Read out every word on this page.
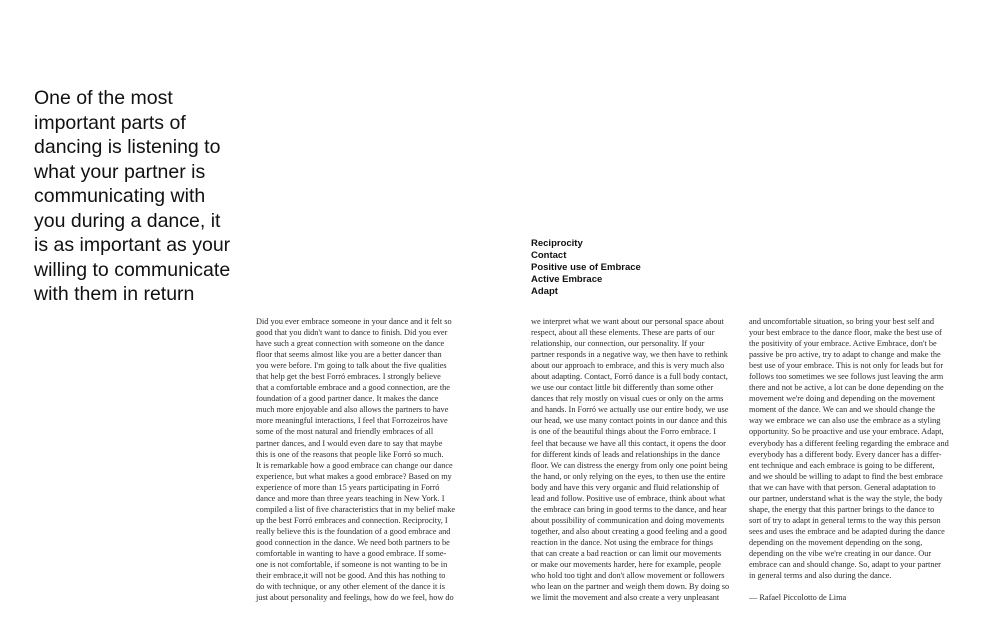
One of the most
important parts of
dancing is listening to
what your partner is
communicating with
you during a dance, it
is as important as your
willing to communicate
with them in return
Reciprocity
Contact
Positive use of Embrace
Active Embrace
Adapt
Did you ever embrace someone in your dance and it felt so
good that you didn't want to dance to finish. Did you ever
have such a great connection with someone on the dance
floor that seems almost like you are a better dancer than
you were before. I'm going to talk about the five qualities
that help get the best Forró embraces. I strongly believe
that a comfortable embrace and a good connection, are the
foundation of a good partner dance. It makes the dance
much more enjoyable and also allows the partners to have
more meaningful interactions, I feel that Forrozeiros have
some of the most natural and friendly embraces of all
partner dances, and I would even dare to say that maybe
this is one of the reasons that people like Forró so much.
It is remarkable how a good embrace can change our dance
experience, but what makes a good embrace? Based on my
experience of more than 15 years participating in Forró
dance and more than three years teaching in New York. I
compiled a list of five characteristics that in my belief make
up the best Forró embraces and connection. Reciprocity, I
really believe this is the foundation of a good embrace and
good connection in the dance. We need both partners to be
comfortable in wanting to have a good embrace. If some-
one is not comfortable, if someone is not wanting to be in
their embrace,it will not be good. And this has nothing to
do with technique, or any other element of the dance it is
just about personality and feelings, how do we feel, how do
we interpret what we want about our personal space about
respect, about all these elements. These are parts of our
relationship, our connection, our personality. If your
partner responds in a negative way, we then have to rethink
about our approach to embrace, and this is very much also
about adapting. Contact, Forró dance is a full body contact,
we use our contact little bit differently than some other
dances that rely mostly on visual cues or only on the arms
and hands. In Forró we actually use our entire body, we use
our head, we use many contact points in our dance and this
is one of the beautiful things about the Forro embrace. I
feel that because we have all this contact, it opens the door
for different kinds of leads and relationships in the dance
floor. We can distress the energy from only one point being
the hand, or only relying on the eyes, to then use the entire
body and have this very organic and fluid relationship of
lead and follow. Positive use of embrace, think about what
the embrace can bring in good terms to the dance, and hear
about possibility of communication and doing movements
together, and also about creating a good feeling and a good
reaction in the dance. Not using the embrace for things
that can create a bad reaction or can limit our movements
or make our movements harder, here for example, people
who hold too tight and don't allow movement or followers
who lean on the partner and weigh them down. By doing so
we limit the movement and also create a very unpleasant
and uncomfortable situation, so bring your best self and
your best embrace to the dance floor, make the best use of
the positivity of your embrace. Active Embrace, don't be
passive be pro active, try to adapt to change and make the
best use of your embrace. This is not only for leads but for
follows too sometimes we see follows just leaving the arm
there and not be active, a lot can be done depending on the
movement we're doing and depending on the movement
moment of the dance. We can and we should change the
way we embrace we can also use the embrace as a styling
opportunity. So be proactive and use your embrace. Adapt,
everybody has a different feeling regarding the embrace and
everybody has a different body. Every dancer has a differ-
ent technique and each embrace is going to be different,
and we should be willing to adapt to find the best embrace
that we can have with that person. General adaptation to
our partner, understand what is the way the style, the body
shape, the energy that this partner brings to the dance to
sort of try to adapt in general terms to the way this person
sees and uses the embrace and be adapted during the dance
depending on the movement depending on the song,
depending on the vibe we're creating in our dance. Our
embrace can and should change. So, adapt to your partner
in general terms and also during the dance.
— Rafael Piccolotto de Lima
